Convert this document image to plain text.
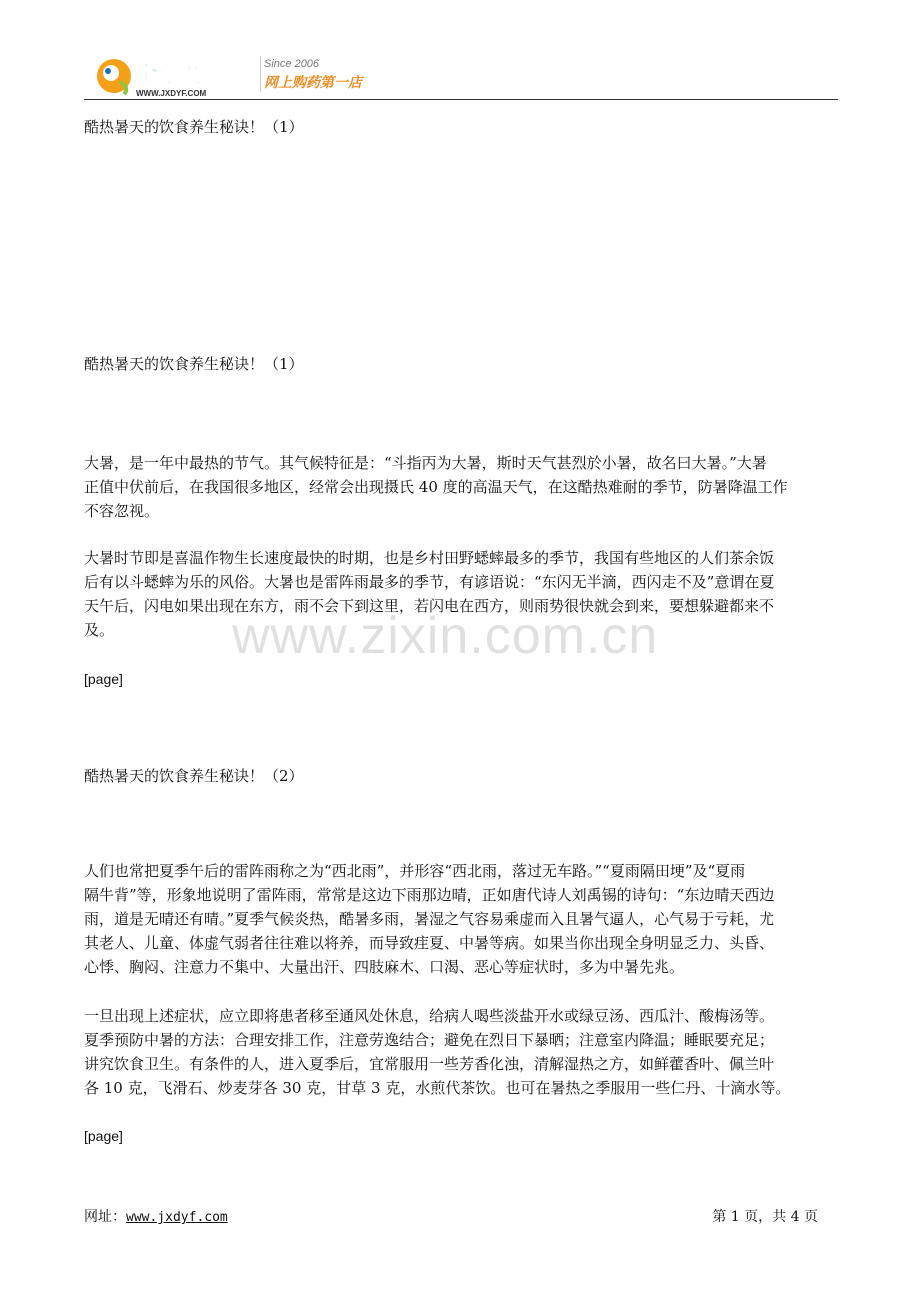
金象网
WWW.JXDYF.COM
Since 2006
网上购药第一店

酷热暑天的饮食养生秘诀！（1）

酷热暑天的饮食养生秘诀！（1）

大暑，是一年中最热的节气。其气候特征是：“斗指丙为大暑，斯时天气甚烈於小暑，故名曰大暑。”大暑

正值中伏前后，在我国很多地区，经常会出现摄氏 40 度的高温天气，在这酷热难耐的季节，防暑降温工作

不容忽视。

大暑时节即是喜温作物生长速度最快的时期，也是乡村田野蟋蟀最多的季节，我国有些地区的人们茶余饭

后有以斗蟋蟀为乐的风俗。大暑也是雷阵雨最多的季节，有谚语说：“东闪无半滴，西闪走不及”意谓在夏

天午后，闪电如果出现在东方，雨不会下到这里，若闪电在西方，则雨势很快就会到来，要想躲避都来不

及。

[page]

酷热暑天的饮食养生秘诀！（2）

人们也常把夏季午后的雷阵雨称之为“西北雨”，并形容“西北雨，落过无车路。”“夏雨隔田埂”及“夏雨

隔牛背”等，形象地说明了雷阵雨，常常是这边下雨那边晴，正如唐代诗人刘禹锡的诗句：“东边晴天西边

雨，道是无晴还有晴。”夏季气候炎热，酷暑多雨，暑湿之气容易乘虚而入且暑气逼人，心气易于亏耗，尤

其老人、儿童、体虚气弱者往往难以将养，而导致疰夏、中暑等病。如果当你出现全身明显乏力、头昏、

心悸、胸闷、注意力不集中、大量出汗、四肢麻木、口渴、恶心等症状时，多为中暑先兆。

一旦出现上述症状，应立即将患者移至通风处休息，给病人喝些淡盐开水或绿豆汤、西瓜汁、酸梅汤等。

夏季预防中暑的方法：合理安排工作，注意劳逸结合；避免在烈日下暴晒；注意室内降温；睡眠要充足；

讲究饮食卫生。有条件的人，进入夏季后，宜常服用一些芳香化浊，清解湿热之方，如鲜藿香叶、佩兰叶

各 10 克，飞滑石、炒麦芽各 30 克，甘草 3 克，水煎代茶饮。也可在暑热之季服用一些仁丹、十滴水等。

[page]

www.zixin.com.cn
网址：www.jxdyf.com	第 1 页，共 4 页
